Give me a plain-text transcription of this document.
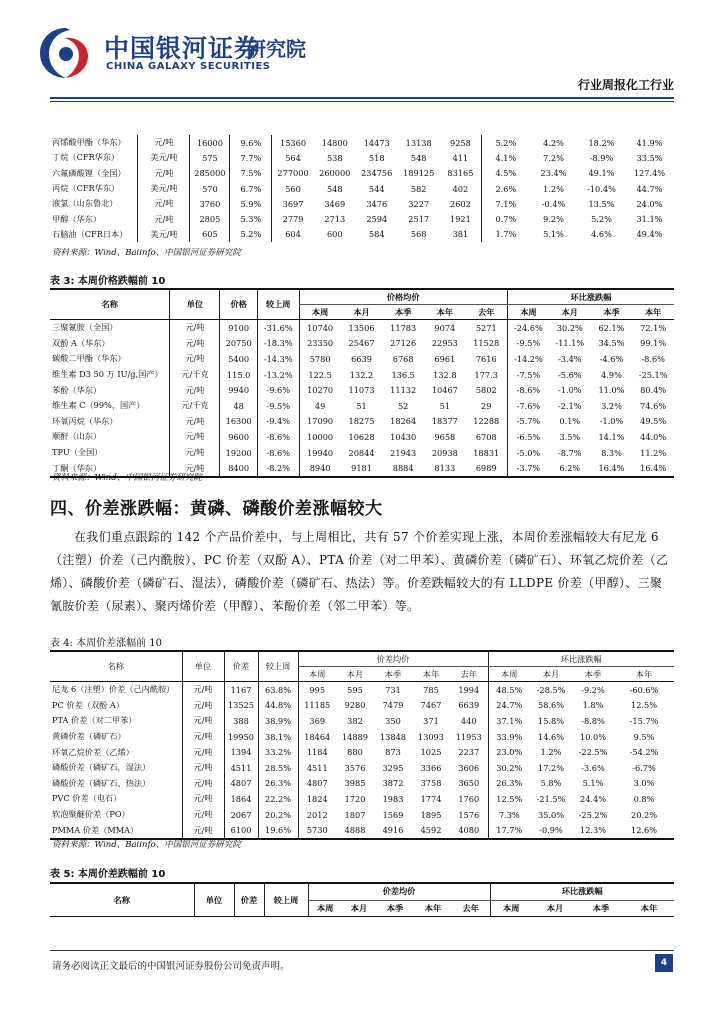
中国银河证券
CHINA GALAXY SECURITIES
研究院
行业周报化工行业
丙烯酸甲酯（华东）	元/吨	16000	9.6%	15360	14800	14473	13138	9258	5.2%	4.2%	18.2%	41.9%
丁烷（CFR华东）	美元/吨	575	7.7%	564	538	518	548	411	4.1%	7.2%	-8.9%	33.5%
六氟磷酸锂（全国）	元/吨	285000	7.5%	277000	260000	234756	189125	83165	4.5%	23.4%	49.1%	127.4%
丙烷（CFR华东）	美元/吨	570	6.7%	560	548	544	582	402	2.6%	1.2%	-10.4%	44.7%
液氯（山东鲁北）	元/吨	3760	5.9%	3697	3469	3476	3227	2602	7.1%	-0.4%	13.5%	24.0%
甲醇（华东）	元/吨	2805	5.3%	2779	2713	2594	2517	1921	0.7%	9.2%	5.2%	31.1%
石脑油（CFR日本）	美元/吨	605	5.2%	604	600	584	568	381	1.7%	5.1%	4.6%	49.4%
资料来源：Wind、Baiinfo、中国银河证券研究院
表 3: 本周价格跌幅前 10
名称	单位	价格	较上周	价格均价					环比涨跌幅			
				本周	本月	本季	本年	去年	本周	本月	本季	本年
三聚氰胺（全国）	元/吨	9100	-31.6%	10740	13506	11783	9074	5271	-24.6%	30.2%	62.1%	72.1%
双酚 A（华东）	元/吨	20750	-18.3%	23350	25467	27126	22953	11528	-9.5%	-11.1%	34.5%	99.1%
碳酸二甲酯（华东）	元/吨	5400	-14.3%	5780	6639	6768	6961	7616	-14.2%	-3.4%	-4.6%	-8.6%
维生素 D3 50 万 IU/g,国产）	元/千克	115.0	-13.2%	122.5	132.2	136.5	132.8	177.3	-7.5%	-5.6%	4.9%	-25.1%
苯酚（华东）	元/吨	9940	-9.6%	10270	11073	11132	10467	5802	-8.6%	-1.0%	11.0%	80.4%
维生素 C（99%，国产）	元/千克	48	-9.5%	49	51	52	51	29	-7.6%	-2.1%	3.2%	74.6%
环氧丙烷（华东）	元/吨	16300	-9.4%	17090	18275	18264	18377	12288	-5.7%	0.1%	-1.0%	49.5%
顺酐（山东）	元/吨	9600	-8.6%	10000	10628	10430	9658	6708	-6.5%	3.5%	14.1%	44.0%
TPU（全国）	元/吨	19200	-8.6%	19940	20844	21943	20938	18831	-5.0%	-8.7%	8.3%	11.2%
丁酮（华东）	元/吨	8400	-8.2%	8940	9181	8884	8133	6989	-3.7%	6.2%	16.4%	16.4%
资料来源：Wind、中国银河证券研究院
四、价差涨跌幅：黄磷、磷酸价差涨幅较大
在我们重点跟踪的 142 个产品价差中，与上周相比，共有 57 个价差实现上涨，本周价差涨幅较大有尼龙 6（注塑）价差（己内酰胺）、PC 价差（双酚 A）、PTA 价差（对二甲苯）、黄磷价差（磷矿石）、环氧乙烷价差（乙烯）、磷酸价差（磷矿石、湿法），磷酸价差（磷矿石、热法）等。价差跌幅较大的有 LLDPE 价差（甲醇）、三聚氰胺价差（尿素）、聚丙烯价差（甲醇）、苯酚价差（邻二甲苯）等。
表 4: 本周价差涨幅前 10
名称	单位	价差	较上周	价差均价					环比涨跌幅			
				本周	本月	本季	本年	去年	本周	本月	本季	本年
尼龙 6（注塑）价差（己内酰胺）	元/吨	1167	63.8%	995	595	731	785	1994	48.5%	-28.5%	-9.2%	-60.6%
PC 价差（双酚 A）	元/吨	13525	44.8%	11185	9280	7479	7467	6639	24.7%	58.6%	1.8%	12.5%
PTA 价差（对二甲苯）	元/吨	388	38.9%	369	382	350	371	440	37.1%	15.8%	-8.8%	-15.7%
黄磷价差（磷矿石）	元/吨	19950	38.1%	18464	14889	13848	13093	11953	33.9%	14.6%	10.0%	9.5%
环氧乙烷价差（乙烯）	元/吨	1394	33.2%	1184	880	873	1025	2237	23.0%	1.2%	-22.5%	-54.2%
磷酸价差（磷矿石，湿法）	元/吨	4511	28.5%	4511	3576	3295	3366	3606	30.2%	17.2%	-3.6%	-6.7%
磷酸价差（磷矿石、热法）	元/吨	4807	26.3%	4807	3985	3872	3758	3650	26.3%	5.8%	5.1%	3.0%
PVC 价差（电石）	元/吨	1864	22.2%	1824	1720	1983	1774	1760	12.5%	-21.5%	24.4%	0.8%
软泡聚醚价差（PO）	元/吨	2067	20.2%	2012	1807	1569	1895	1576	7.3%	35.0%	-25.2%	20.2%
PMMA 价差（MMA）	元/吨	6100	19.6%	5730	4888	4916	4592	4080	17.7%	-0.9%	12.3%	12.6%
资料来源：Wind、Baiinfo、中国银河证券研究院
表 5: 本周价差跌幅前 10
名称	单位	价差	较上周	价差均价					环比涨跌幅			
				本周	本月	本季	本年	去年	本周	本月	本季	本年
请务必阅读正文最后的中国银河证券股份公司免责声明。	4
